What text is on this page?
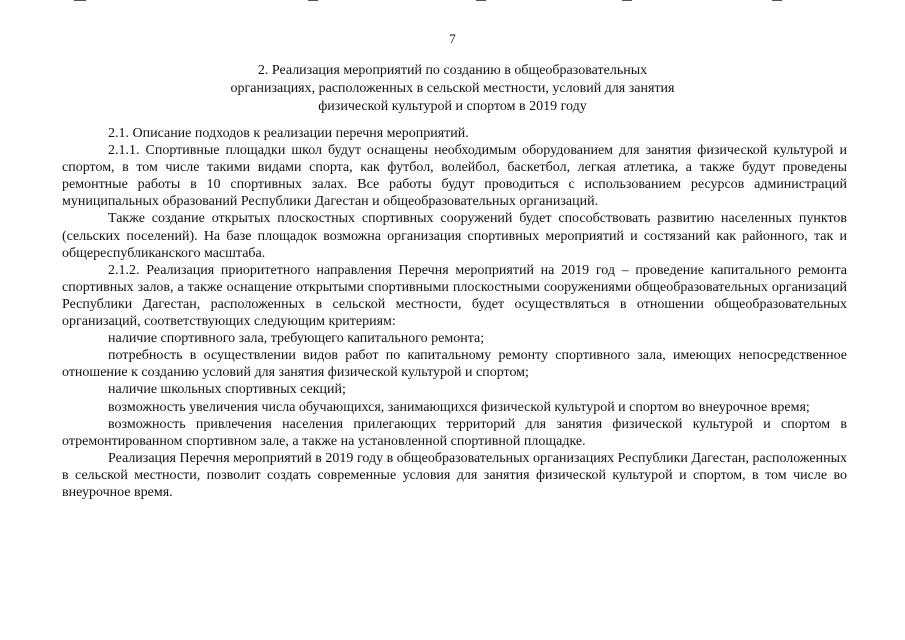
7
2. Реализация мероприятий по созданию в общеобразовательных
организациях, расположенных в сельской местности, условий для занятия
физической культурой и спортом в 2019 году

2.1. Описание подходов к реализации перечня мероприятий.

2.1.1. Спортивные площадки школ будут оснащены необходимым оборудованием для занятия физической культурой и спортом, в том числе такими видами спорта, как футбол, волейбол, баскетбол, легкая атлетика, а также будут проведены ремонтные работы в 10 спортивных залах. Все работы будут проводиться с использованием ресурсов администраций муниципальных образований Республики Дагестан и общеобразовательных организаций.

Также создание открытых плоскостных спортивных сооружений будет способствовать развитию населенных пунктов (сельских поселений). На базе площадок возможна организация спортивных мероприятий и состязаний как районного, так и общереспубликанского масштаба.

2.1.2. Реализация приоритетного направления Перечня мероприятий на 2019 год – проведение капитального ремонта спортивных залов, а также оснащение открытыми спортивными плоскостными сооружениями общеобразовательных организаций Республики Дагестан, расположенных в сельской местности, будет осуществляться в отношении общеобразовательных организаций, соответствующих следующим критериям:

наличие спортивного зала, требующего капитального ремонта;

потребность в осуществлении видов работ по капитальному ремонту спортивного зала, имеющих непосредственное отношение к созданию условий для занятия физической культурой и спортом;

наличие школьных спортивных секций;

возможность увеличения числа обучающихся, занимающихся физической культурой и спортом во внеурочное время;

возможность привлечения населения прилегающих территорий для занятия физической культурой и спортом в отремонтированном спортивном зале, а также на установленной спортивной площадке.

Реализация Перечня мероприятий в 2019 году в общеобразовательных организациях Республики Дагестан, расположенных в сельской местности, позволит создать современные условия для занятия физической культурой и спортом, в том числе во внеурочное время.
